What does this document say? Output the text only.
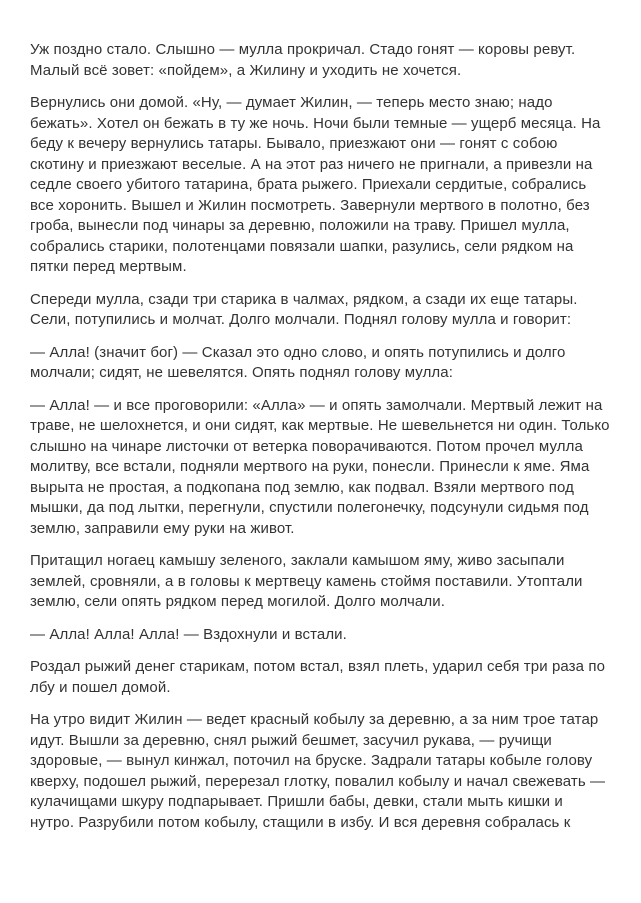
Уж поздно стало. Слышно — мулла прокричал. Стадо гонят — коровы ревут. Малый всё зовет: «пойдем», а Жилину и уходить не хочется.

Вернулись они домой. «Ну, — думает Жилин, — теперь место знаю; надо бежать». Хотел он бежать в ту же ночь. Ночи были темные — ущерб месяца. На беду к вечеру вернулись татары. Бывало, приезжают они — гонят с собою скотину и приезжают веселые. А на этот раз ничего не пригнали, а привезли на седле своего убитого татарина, брата рыжего. Приехали сердитые, собрались все хоронить. Вышел и Жилин посмотреть. Завернули мертвого в полотно, без гроба, вынесли под чинары за деревню, положили на траву. Пришел мулла, собрались старики, полотенцами повязали шапки, разулись, сели рядком на пятки перед мертвым.

Спереди мулла, сзади три старика в чалмах, рядком, а сзади их еще татары. Сели, потупились и молчат. Долго молчали. Поднял голову мулла и говорит:

— Алла! (значит бог) — Сказал это одно слово, и опять потупились и долго молчали; сидят, не шевелятся. Опять поднял голову мулла:

— Алла! — и все проговорили: «Алла» — и опять замолчали. Мертвый лежит на траве, не шелохнется, и они сидят, как мертвые. Не шевельнется ни один. Только слышно на чинаре листочки от ветерка поворачиваются. Потом прочел мулла молитву, все встали, подняли мертвого на руки, понесли. Принесли к яме. Яма вырыта не простая, а подкопана под землю, как подвал. Взяли мертвого под мышки, да под лытки, перегнули, спустили полегонечку, подсунули сидьмя под землю, заправили ему руки на живот.

Притащил ногаец камышу зеленого, заклали камышом яму, живо засыпали землей, сровняли, а в головы к мертвецу камень стоймя поставили. Утоптали землю, сели опять рядком перед могилой. Долго молчали.

— Алла! Алла! Алла! — Вздохнули и встали.

Роздал рыжий денег старикам, потом встал, взял плеть, ударил себя три раза по лбу и пошел домой.

На утро видит Жилин — ведет красный кобылу за деревню, а за ним трое татар идут. Вышли за деревню, снял рыжий бешмет, засучил рукава, — ручищи здоровые, — вынул кинжал, поточил на бруске. Задрали татары кобыле голову кверху, подошел рыжий, перерезал глотку, повалил кобылу и начал свежевать — кулачищами шкуру подпарывает. Пришли бабы, девки, стали мыть кишки и нутро. Разрубили потом кобылу, стащили в избу. И вся деревня собралась к
